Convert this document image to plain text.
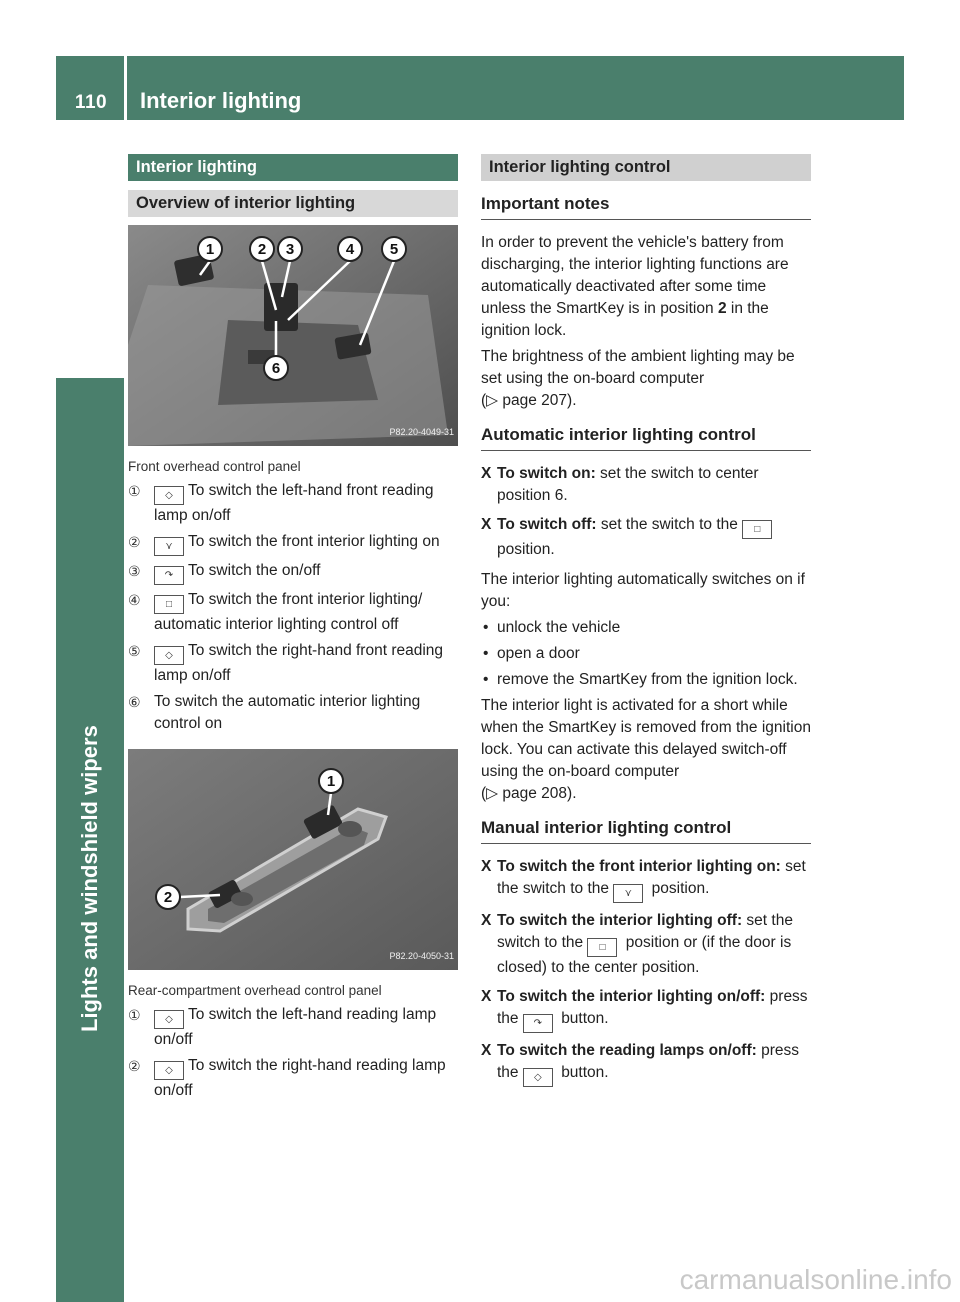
110	Interior lighting
Lights and windshield wipers
Interior lighting
Overview of interior lighting
1	2 3	4 5
6
P82.20-4049-31
Front overhead control panel
①	◇ To switch the left-hand front reading lamp on/off
②	⋎ To switch the front interior lighting on
③	↷ To switch the on/off
④	□ To switch the front interior lighting/ automatic interior lighting control off
⑤	◇ To switch the right-hand front reading lamp on/off
⑥ To switch the automatic interior lighting control on
1
2
P82.20-4050-31
Rear-compartment overhead control panel
①	◇ To switch the left-hand reading lamp on/off
②	◇ To switch the right-hand reading lamp on/off
Interior lighting control
Important notes

In order to prevent the vehicle's battery from discharging, the interior lighting functions are automatically deactivated after some time unless the SmartKey is in position 2 in the ignition lock.

The brightness of the ambient lighting may be set using the on-board computer
(▷ page 207).

Automatic interior lighting control
X To switch on: set the switch to center position 6.
X To switch off: set the switch to the □ position.

The interior lighting automatically switches on if you:

• unlock the vehicle
• open a door
• remove the SmartKey from the ignition lock.

The interior light is activated for a short while when the SmartKey is removed from the ignition lock. You can activate this delayed switch-off using the on-board computer
(▷ page 208).

Manual interior lighting control
X To switch the front interior lighting on: set the switch to the ⋎ position.
X To switch the interior lighting off: set the switch to the □ position or (if the door is closed) to the center position.
X To switch the interior lighting on/off: press the ↷ button.
X To switch the reading lamps on/off: press the ◇ button.
carmanualsonline.info
